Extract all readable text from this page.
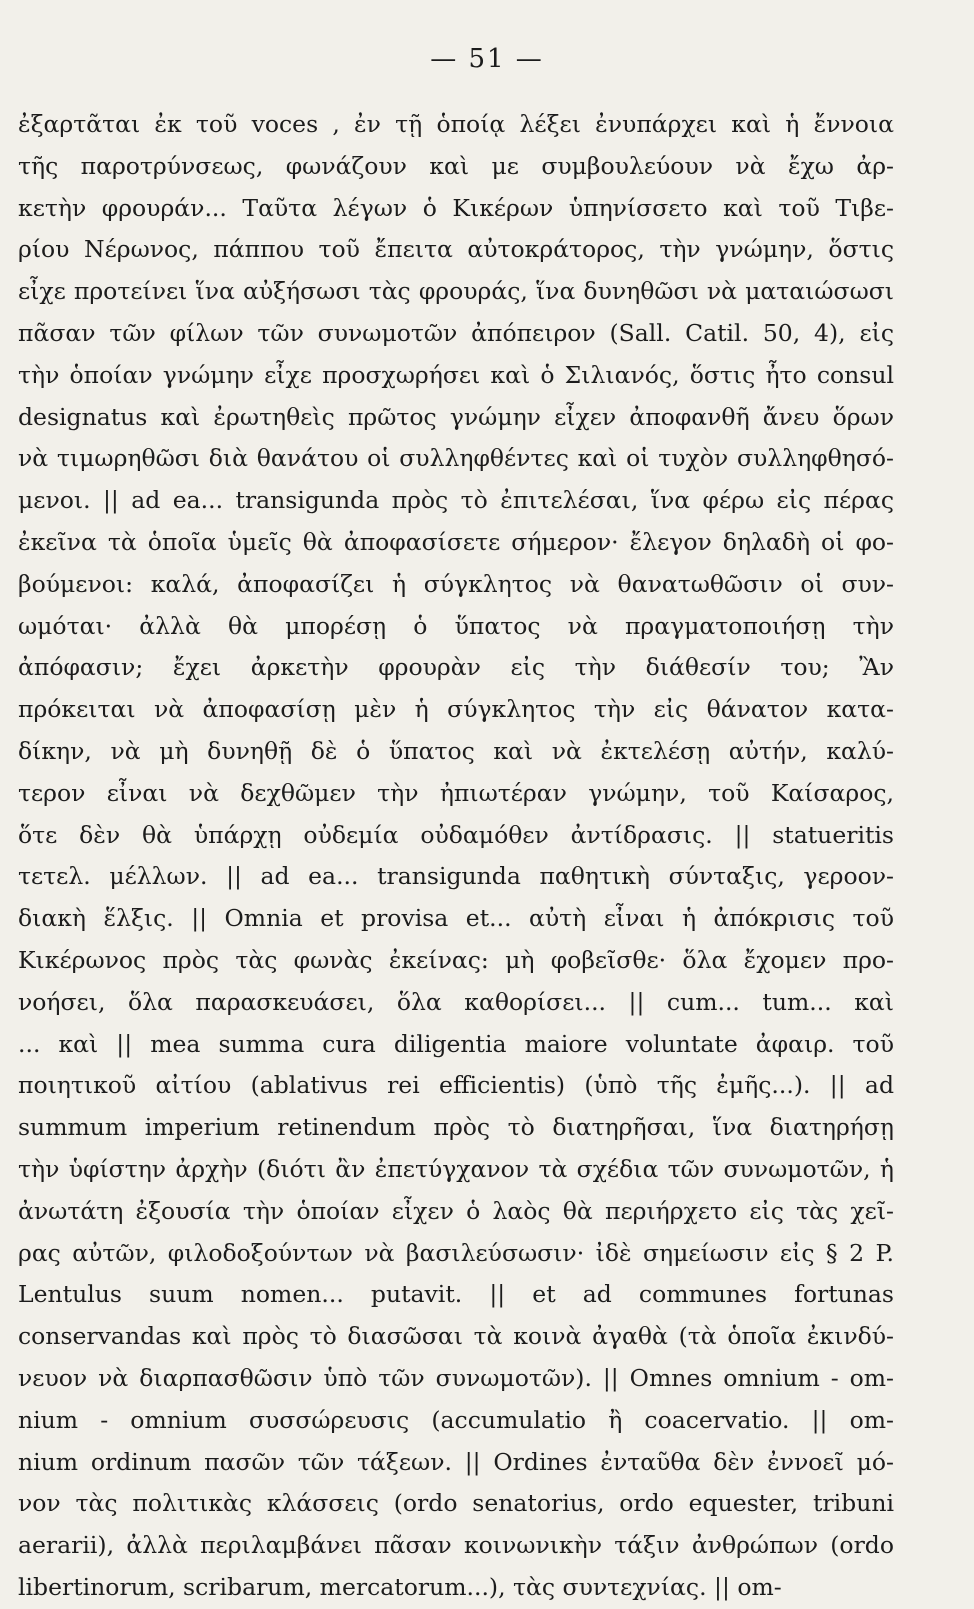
— 51 —
ἐξαρτᾶται ἐκ τοῦ voces , ἐν τῇ ὁποίᾳ λέξει ἐνυπάρχει καὶ ἡ ἔννοια
τῆς παροτρύνσεως, φωνάζουν καὶ με συμβουλεύουν νὰ ἔχω ἀρ-
κετὴν φρουράν... Ταῦτα λέγων ὁ Κικέρων ὑπηνίσσετο καὶ τοῦ Τιβε-
ρίου Νέρωνος, πάππου τοῦ ἔπειτα αὐτοκράτορος, τὴν γνώμην, ὅστις
εἶχε προτείνει ἵνα αὐξήσωσι τὰς φρουράς, ἵνα δυνηθῶσι νὰ ματαιώσωσι
πᾶσαν τῶν φίλων τῶν συνωμοτῶν ἀπόπειρον (Sall. Catil. 50, 4), εἰς
τὴν ὁποίαν γνώμην εἶχε προσχωρήσει καὶ ὁ Σιλιανός, ὅστις ἦτο consul
designatus καὶ ἐρωτηθεὶς πρῶτος γνώμην εἶχεν ἀποφανθῆ ἄνευ ὅρων
νὰ τιμωρηθῶσι διὰ θανάτου οἱ συλληφθέντες καὶ οἱ τυχὸν συλληφθησό-
μενοι. || ad ea... transigunda πρὸς τὸ ἐπιτελέσαι, ἵνα φέρω εἰς πέρας
ἐκεῖνα τὰ ὁποῖα ὑμεῖς θὰ ἀποφασίσετε σήμερον· ἔλεγον δηλαδὴ οἱ φο-
βούμενοι: καλά, ἀποφασίζει ἡ σύγκλητος νὰ θανατωθῶσιν οἱ συν-
ωμόται· ἀλλὰ θὰ μπορέσῃ ὁ ὕπατος νὰ πραγματοποιήσῃ τὴν
ἀπόφασιν; ἔχει ἀρκετὴν φρουρὰν εἰς τὴν διάθεσίν του; Ἂν
πρόκειται νὰ ἀποφασίσῃ μὲν ἡ σύγκλητος τὴν εἰς θάνατον κατα-
δίκην, νὰ μὴ δυνηθῇ δὲ ὁ ὕπατος καὶ νὰ ἐκτελέσῃ αὐτήν, καλύ-
τερον εἶναι νὰ δεχθῶμεν τὴν ἠπιωτέραν γνώμην, τοῦ Καίσαρος,
ὅτε δὲν θὰ ὑπάρχῃ οὐδεμία οὐδαμόθεν ἀντίδρασις. || statueritis
τετελ. μέλλων. || ad ea... transigunda παθητικὴ σύνταξις, γεροον-
διακὴ ἕλξις. || Omnia et provisa et... αὐτὴ εἶναι ἡ ἀπόκρισις τοῦ
Κικέρωνος πρὸς τὰς φωνὰς ἐκείνας: μὴ φοβεῖσθε· ὅλα ἔχομεν προ-
νοήσει, ὅλα παρασκευάσει, ὅλα καθορίσει... || cum... tum... καὶ
... καὶ || mea summa cura diligentia maiore voluntate ἀφαιρ. τοῦ
ποιητικοῦ αἰτίου (ablativus rei efficientis) (ὑπὸ τῆς ἐμῆς...). || ad
summum imperium retinendum πρὸς τὸ διατηρῆσαι, ἵνα διατηρήσῃ
τὴν ὑφίστην ἀρχὴν (διότι ἂν ἐπετύγχανον τὰ σχέδια τῶν συνωμοτῶν, ἡ
ἀνωτάτη ἐξουσία τὴν ὁποίαν εἶχεν ὁ λαὸς θὰ περιήρχετο εἰς τὰς χεῖ-
ρας αὐτῶν, φιλοδοξούντων νὰ βασιλεύσωσιν· ἰδὲ σημείωσιν εἰς § 2 P.
Lentulus suum nomen... putavit. || et ad communes fortunas
conservandas καὶ πρὸς τὸ διασῶσαι τὰ κοινὰ ἀγαθὰ (τὰ ὁποῖα ἐκινδύ-
νευον νὰ διαρπασθῶσιν ὑπὸ τῶν συνωμοτῶν). || Omnes omnium - om-
nium - omnium συσσώρευσις (accumulatio ἢ coacervatio. || om-
nium ordinum πασῶν τῶν τάξεων. || Ordines ἐνταῦθα δὲν ἐννοεῖ μό-
νον τὰς πολιτικὰς κλάσσεις (ordo senatorius, ordo equester, tribuni
aerarii), ἀλλὰ περιλαμβάνει πᾶσαν κοινωνικὴν τάξιν ἀνθρώπων (ordo
libertinorum, scribarum, mercatorum...), τὰς συντεχνίας. || om-
